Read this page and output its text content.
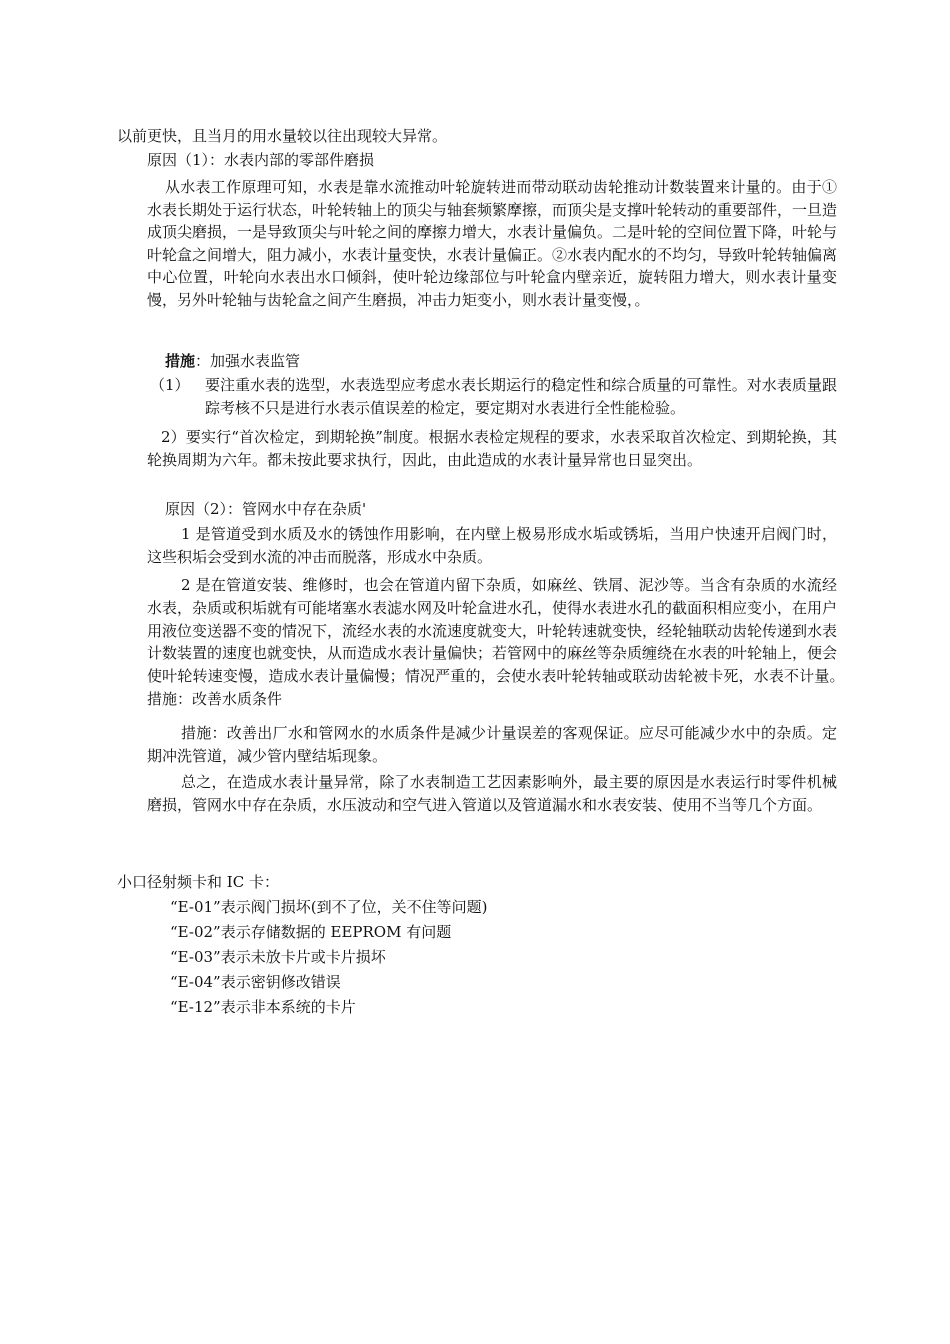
以前更快，且当月的用水量较以往出现较大异常。

原因（1）：水表内部的零部件磨损

从水表工作原理可知，水表是靠水流推动叶轮旋转进而带动联动齿轮推动计数装置来计量的。由于①水表长期处于运行状态，叶轮转轴上的顶尖与轴套频繁摩擦，而顶尖是支撑叶轮转动的重要部件，一旦造成顶尖磨损，一是导致顶尖与叶轮之间的摩擦力增大，水表计量偏负。二是叶轮的空间位置下降，叶轮与叶轮盒之间增大，阻力减小，水表计量变快，水表计量偏正。②水表内配水的不均匀，导致叶轮转轴偏离中心位置，叶轮向水表出水口倾斜，使叶轮边缘部位与叶轮盒内壁亲近，旋转阻力增大，则水表计量变慢，另外叶轮轴与齿轮盒之间产生磨损，冲击力矩变小，则水表计量变慢，。

措施：加强水表监管

（1） 要注重水表的选型，水表选型应考虑水表长期运行的稳定性和综合质量的可靠性。对水表质量跟踪考核不只是进行水表示值误差的检定，要定期对水表进行全性能检验。

2）要实行“首次检定，到期轮换”制度。根据水表检定规程的要求，水表采取首次检定、到期轮换，其轮换周期为六年。都未按此要求执行，因此，由此造成的水表计量异常也日显突出。

原因（2）：管网水中存在杂质'

1 是管道受到水质及水的锈蚀作用影响，在内壁上极易形成水垢或锈垢，当用户快速开启阀门时，这些积垢会受到水流的冲击而脱落，形成水中杂质。

2 是在管道安装、维修时，也会在管道内留下杂质，如麻丝、铁屑、泥沙等。当含有杂质的水流经水表，杂质或积垢就有可能堵塞水表滤水网及叶轮盒进水孔，使得水表进水孔的截面积相应变小，在用户用液位变送器不变的情况下，流经水表的水流速度就变大，叶轮转速就变快，经轮轴联动齿轮传递到水表计数装置的速度也就变快，从而造成水表计量偏快；若管网中的麻丝等杂质缠绕在水表的叶轮轴上，便会使叶轮转速变慢，造成水表计量偏慢；情况严重的，会使水表叶轮转轴或联动齿轮被卡死，水表不计量。　措施：改善水质条件

措施：改善出厂水和管网水的水质条件是减少计量误差的客观保证。应尽可能减少水中的杂质。定期冲洗管道，减少管内壁结垢现象。

总之，在造成水表计量异常，除了水表制造工艺因素影响外，最主要的原因是水表运行时零件机械磨损，管网水中存在杂质，水压波动和空气进入管道以及管道漏水和水表安装、使用不当等几个方面。

小口径射频卡和 IC 卡：

“E-01”表示阀门损坏(到不了位，关不住等问题)

“E-02”表示存储数据的 EEPROM 有问题

“E-03”表示未放卡片或卡片损坏

“E-04”表示密钥修改错误

“E-12”表示非本系统的卡片
